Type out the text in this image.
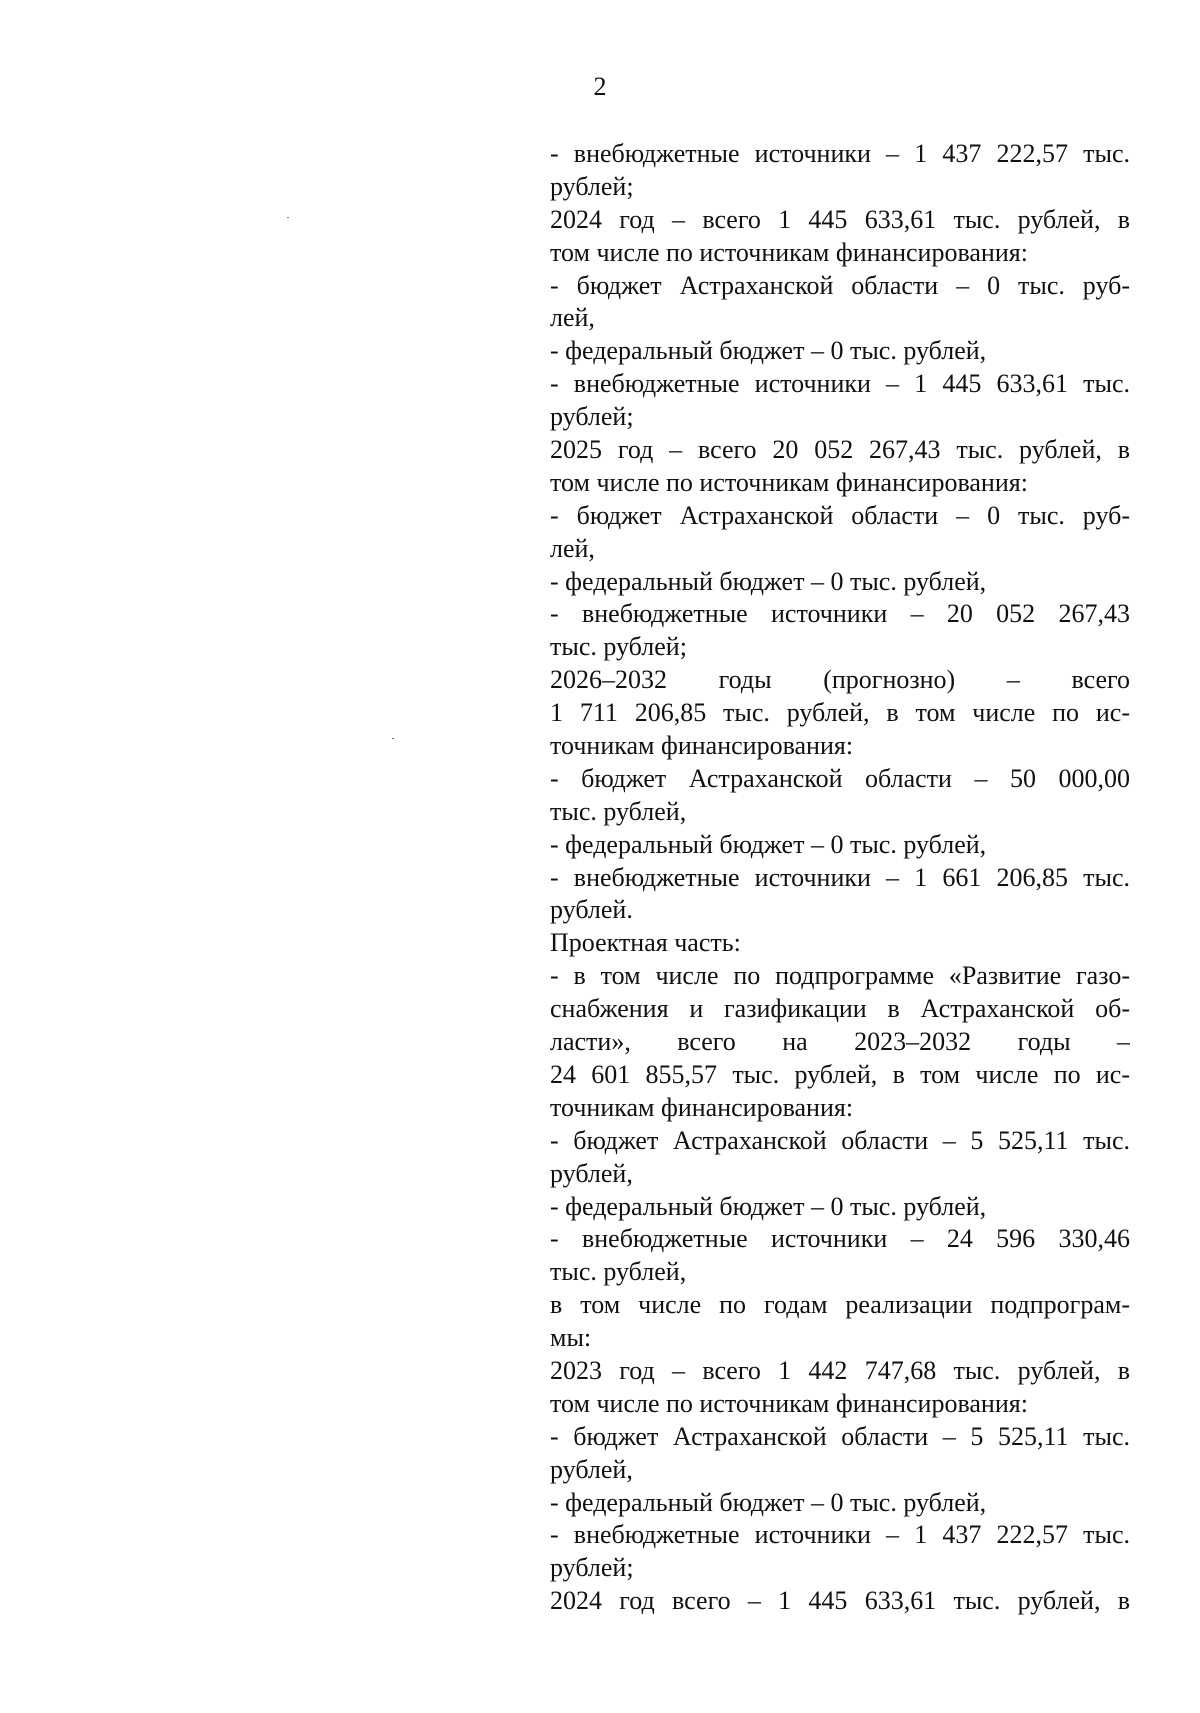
2
- внебюджетные источники – 1 437 222,57 тыс.
рублей;
2024 год – всего 1 445 633,61 тыс. рублей, в
том числе по источникам финансирования:
- бюджет Астраханской области – 0 тыс. руб-
лей,
- федеральный бюджет – 0 тыс. рублей,
- внебюджетные источники – 1 445 633,61 тыс.
рублей;
2025 год – всего 20 052 267,43 тыс. рублей, в
том числе по источникам финансирования:
- бюджет Астраханской области – 0 тыс. руб-
лей,
- федеральный бюджет – 0 тыс. рублей,
- внебюджетные источники – 20 052 267,43
тыс. рублей;
2026–2032 годы (прогнозно) – всего
1 711 206,85 тыс. рублей, в том числе по ис-
точникам финансирования:
- бюджет Астраханской области – 50 000,00
тыс. рублей,
- федеральный бюджет – 0 тыс. рублей,
- внебюджетные источники – 1 661 206,85 тыс.
рублей.
Проектная часть:
- в том числе по подпрограмме «Развитие газо-
снабжения и газификации в Астраханской об-
ласти», всего на 2023–2032 годы –
24 601 855,57 тыс. рублей, в том числе по ис-
точникам финансирования:
- бюджет Астраханской области – 5 525,11 тыс.
рублей,
- федеральный бюджет – 0 тыс. рублей,
- внебюджетные источники – 24 596 330,46
тыс. рублей,
в том числе по годам реализации подпрограм-
мы:
2023 год – всего 1 442 747,68 тыс. рублей, в
том числе по источникам финансирования:
- бюджет Астраханской области – 5 525,11 тыс.
рублей,
- федеральный бюджет – 0 тыс. рублей,
- внебюджетные источники – 1 437 222,57 тыс.
рублей;
2024 год всего – 1 445 633,61 тыс. рублей, в
